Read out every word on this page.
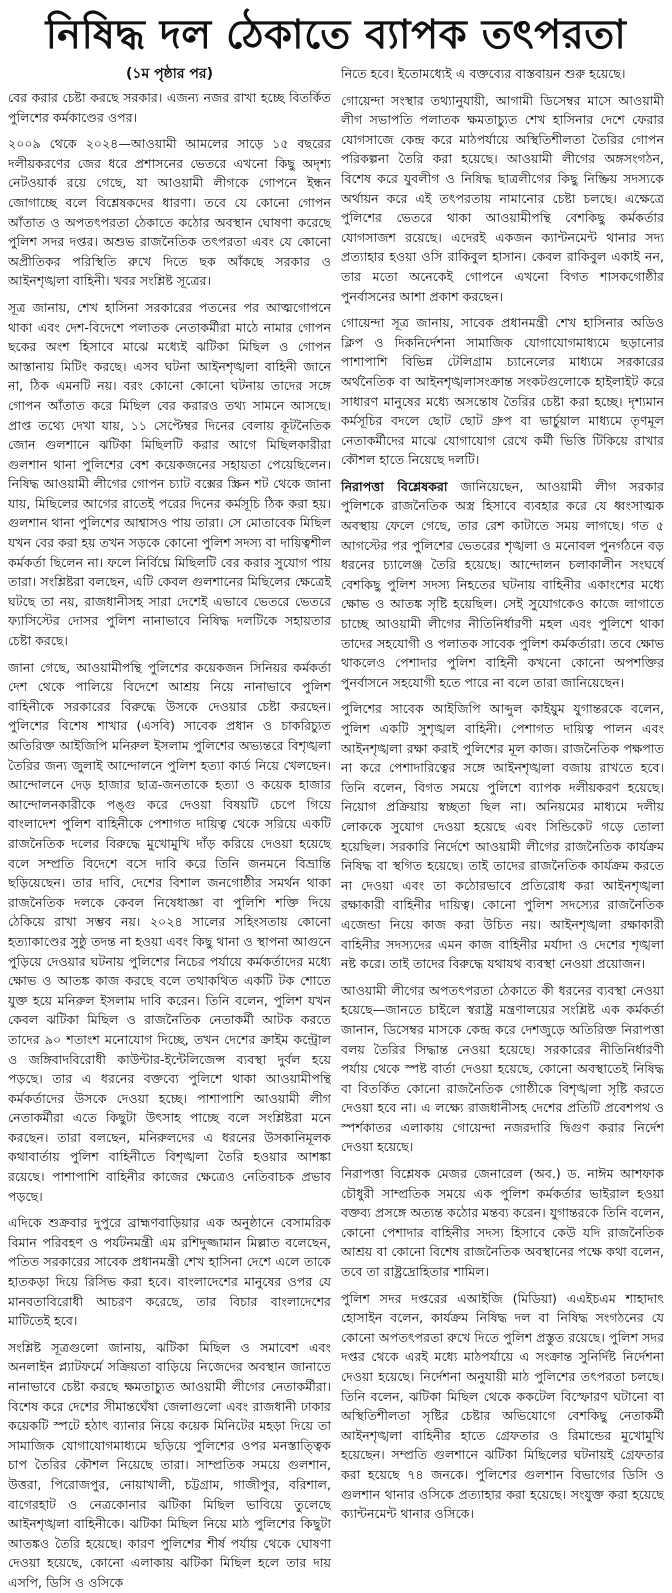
নিষিদ্ধ দল ঠেকাতে ব্যাপক তৎপরতা
(১ম পৃষ্ঠার পর)

বের করার চেষ্টা করছে সরকার। এজন্য নজর রাখা হচ্ছে বিতর্কিত পুলিশের কর্মকাণ্ডের ওপর।

২০০৯ থেকে ২০২৪—আওয়ামী আমলের সাড়ে ১৫ বছরের দলীয়করণের জের ধরে প্রশাসনের ভেতরে এখনো কিছু অদৃশ্য নেটওয়ার্ক রয়ে গেছে, যা আওয়ামী লীগকে গোপনে ইন্ধন জোগাচ্ছে বলে বিশ্লেষকদের ধারণা। তবে যে কোনো গোপন আঁতাত ও অপতৎপরতা ঠেকাতে কঠোর অবস্থান ঘোষণা করেছে পুলিশ সদর দপ্তর। অশুভ রাজনৈতিক তৎপরতা এবং যে কোনো অপ্রীতিকর পরিস্থিতি রুখে দিতে ছক আঁকছে সরকার ও আইনশৃঙ্খলা বাহিনী। খবর সংশ্লিষ্ট সূত্রের।

সূত্র জানায়, শেখ হাসিনা সরকারের পতনের পর আত্মগোপনে থাকা এবং দেশ-বিদেশে পলাতক নেতাকর্মীরা মাঠে নামার গোপন ছকের অংশ হিসাবে মাঝে মধ্যেই ঝটিকা মিছিল ও গোপন আস্তানায় মিটিং করছে। এসব ঘটনা আইনশৃঙ্খলা বাহিনী জানে না, ঠিক এমনটি নয়। বরং কোনো কোনো ঘটনায় তাদের সঙ্গে গোপন আঁতাত করে মিছিল বের করারও তথ্য সামনে আসছে। প্রাপ্ত তথ্যে দেখা যায়, ১১ সেপ্টেম্বর দিনের বেলায় কূটনৈতিক জোন গুলশানে ঝটিকা মিছিলটি করার আগে মিছিলকারীরা গুলশান থানা পুলিশের বেশ কয়েকজনের সহায়তা পেয়েছিলেন। নিষিদ্ধ আওয়ামী লীগের গোপন চ্যাট বক্সের স্ক্রিন শট থেকে জানা যায়, মিছিলের আগের রাতেই পরের দিনের কর্মসূচি ঠিক করা হয়। গুলশান থানা পুলিশের আশ্বাসও পায় তারা। সে মোতাবেক মিছিল যখন বের করা হয় তখন সড়কে কোনো পুলিশ সদস্য বা দায়িত্বশীল কর্মকর্তা ছিলেন না। ফলে নির্বিঘ্নে মিছিলটি বের করার সুযোগ পায় তারা। সংশ্লিষ্টরা বলছেন, এটি কেবল গুলশানের মিছিলের ক্ষেত্রেই ঘটছে তা নয়, রাজধানীসহ সারা দেশেই এভাবে ভেতরে ভেতরে ফ্যাসিস্টের দোসর পুলিশ নানাভাবে নিষিদ্ধ দলটিকে সহায়তার চেষ্টা করছে।

জানা গেছে, আওয়ামীপন্থি পুলিশের কয়েকজন সিনিয়র কর্মকর্তা দেশ থেকে পালিয়ে বিদেশে আশ্রয় নিয়ে নানাভাবে পুলিশ বাহিনীকে সরকারের বিরুদ্ধে উসকে দেওয়ার চেষ্টা করছেন। পুলিশের বিশেষ শাখার (এসবি) সাবেক প্রধান ও চাকরিচ্যুত অতিরিক্ত আইজিপি মনিরুল ইসলাম পুলিশের অভ্যন্তরে বিশৃঙ্খলা তৈরির জন্য জুলাই আন্দোলনে পুলিশ হত্যা কার্ড নিয়ে খেলছেন। আন্দোলনে দেড় হাজার ছাত্র-জনতাকে হত্যা ও কয়েক হাজার আন্দোলনকারীকে পঙ্গু করে দেওয়া বিষয়টি চেপে গিয়ে বাংলাদেশ পুলিশ বাহিনীকে পেশাগত দায়িত্ব থেকে সরিয়ে একটি রাজনৈতিক দলের বিরুদ্ধে মুখোমুখি দাঁড় করিয়ে দেওয়া হয়েছে বলে সম্প্রতি বিদেশে বসে দাবি করে তিনি জনমনে বিভ্রান্তি ছড়িয়েছেন। তার দাবি, দেশের বিশাল জনগোষ্ঠীর সমর্থন থাকা রাজনৈতিক দলকে কেবল নিষেধাজ্ঞা বা পুলিশি শক্তি দিয়ে ঠেকিয়ে রাখা সম্ভব নয়। ২০২৪ সালের সহিংসতায় কোনো হত্যাকাণ্ডের সুষ্ঠু তদন্ত না হওয়া এবং কিছু থানা ও স্থাপনা আগুনে পুড়িয়ে দেওয়ার ঘটনায় পুলিশের নিচের পর্যায়ে কর্মকর্তাদের মধ্যে ক্ষোভ ও আতঙ্ক কাজ করছে বলে তথাকথিত একটি টক শোতে যুক্ত হয়ে মনিরুল ইসলাম দাবি করেন। তিনি বলেন, পুলিশ যখন কেবল ঝটিকা মিছিল ও রাজনৈতিক নেতাকর্মী আটক করতে তাদের ৯০ শতাংশ মনোযোগ দিচ্ছে, তখন দেশের ক্রাইম কন্ট্রোল ও জঙ্গিবাদবিরোধী কাউন্টার-ইন্টেলিজেন্স ব্যবস্থা দুর্বল হয়ে পড়ছে। তার এ ধরনের বক্তব্যে পুলিশে থাকা আওয়ামীপন্থি কর্মকর্তাদের উসকে দেওয়া হচ্ছে। পাশাপাশি আওয়ামী লীগ নেতাকর্মীরা এতে কিছুটা উৎসাহ পাচ্ছে বলে সংশ্লিষ্টরা মনে করছেন। তারা বলছেন, মনিরুলদের এ ধরনের উসকানিমূলক কথাবার্তায় পুলিশ বাহিনীতে বিশৃঙ্খলা তৈরি হওয়ার আশঙ্কা রয়েছে। পাশাপাশি বাহিনীর কাজের ক্ষেত্রেও নেতিবাচক প্রভাব পড়ছে।

এদিকে শুক্রবার দুপুরে ব্রাহ্মণবাড়িয়ার এক অনুষ্ঠানে বেসামরিক বিমান পরিবহণ ও পর্যটনমন্ত্রী এম রশিদুজ্জামান মিল্লাত বলেছেন, পতিত সরকারের সাবেক প্রধানমন্ত্রী শেখ হাসিনা দেশে এলে তাকে হাতকড়া দিয়ে রিসিভ করা হবে। বাংলাদেশের মানুষের ওপর যে মানবতাবিরোধী আচরণ করেছে, তার বিচার বাংলাদেশের মাটিতেই হবে।

সংশ্লিষ্ট সূত্রগুলো জানায়, ঝটিকা মিছিল ও সমাবেশ এবং অনলাইন প্ল্যাটফর্মে সক্রিয়তা বাড়িয়ে নিজেদের অবস্থান জানাতে নানাভাবে চেষ্টা করছে ক্ষমতাচ্যুত আওয়ামী লীগের নেতাকর্মীরা। বিশেষ করে দেশের সীমান্তঘেঁষা জেলাগুলো এবং রাজধানী ঢাকার কয়েকটি স্পটে হঠাৎ ব্যানার নিয়ে কয়েক মিনিটের মহড়া দিয়ে তা সামাজিক যোগাযোগমাধ্যমে ছড়িয়ে পুলিশের ওপর মনস্তাত্ত্বিক চাপ তৈরির কৌশল নিয়েছে তারা। সাম্প্রতিক সময়ে গুলশান, উত্তরা, পিরোজপুর, নোয়াখালী, চট্টগ্রাম, গাজীপুর, বরিশাল, বাগেরহাট ও নেত্রকোনার ঝটিকা মিছিল ভাবিয়ে তুলেছে আইনশৃঙ্খলা বাহিনীকে। ঝটিকা মিছিল নিয়ে মাঠ পুলিশের কিছুটা আতঙ্কও তৈরি হয়েছে। কারণ পুলিশের শীর্ষ পর্যায় থেকে ঘোষণা দেওয়া হয়েছে, কোনো এলাকায় ঝটিকা মিছিল হলে তার দায় এসপি, ডিসি ও ওসিকে

নিতে হবে। ইতোমধ্যেই এ বক্তব্যের বাস্তবায়ন শুরু হয়েছে।

গোয়েন্দা সংস্থার তথ্যানুযায়ী, আগামী ডিসেম্বর মাসে আওয়ামী লীগ সভাপতি পলাতক ক্ষমতাচ্যুত শেখ হাসিনার দেশে ফেরার যোগসাজে কেন্দ্র করে মাঠপর্যায়ে অস্থিতিশীলতা তৈরির গোপন পরিকল্পনা তৈরি করা হয়েছে। আওয়ামী লীগের অঙ্গসংগঠন, বিশেষ করে যুবলীগ ও নিষিদ্ধ ছাত্রলীগের কিছু নিষ্ক্রিয় সদস্যকে অর্থায়ন করে এই তৎপরতায় নামানোর চেষ্টা চলছে। এক্ষেত্রে পুলিশের ভেতরে থাকা আওয়ামীপন্থি বেশকিছু কর্মকর্তার যোগসাজশ রয়েছে। এদেরই একজন ক্যান্টনমেন্ট থানার সদ্য প্রত্যাহার হওয়া ওসি রাকিবুল হাসান। কেবল রাকিবুল একাই নন, তার মতো অনেকেই গোপনে এখনো বিগত শাসকগোষ্ঠীর পুনর্বাসনের আশা প্রকাশ করছেন।

গোয়েন্দা সূত্র জানায়, সাবেক প্রধানমন্ত্রী শেখ হাসিনার অডিও ক্লিপ ও দিকনির্দেশনা সামাজিক যোগাযোগমাধ্যমে ছড়ানোর পাশাপাশি বিভিন্ন টেলিগ্রাম চ্যানেলের মাধ্যমে সরকারের অর্থনৈতিক বা আইনশৃঙ্খলাসংক্রান্ত সংকটগুলোকে হাইলাইট করে সাধারণ মানুষের মধ্যে অসন্তোষ তৈরির চেষ্টা করা হচ্ছে। দৃশ্যমান কর্মসূচির বদলে ছোট ছোট গ্রুপ বা ভার্চুয়াল মাধ্যমে তৃণমূল নেতাকর্মীদের মাঝে যোগাযোগ রেখে কর্মী ভিত্তি টিকিয়ে রাখার কৌশল হাতে নিয়েছে দলটি।

নিরাপত্তা বিশ্লেষকরা জানিয়েছেন, আওয়ামী লীগ সরকার পুলিশকে রাজনৈতিক অস্ত্র হিসাবে ব্যবহার করে যে ধ্বংসাত্মক অবস্থায় ফেলে গেছে, তার রেশ কাটাতে সময় লাগছে। গত ৫ আগস্টের পর পুলিশের ভেতরের শৃঙ্খলা ও মনোবল পুনর্গঠনে বড় ধরনের চ্যালেঞ্জ তৈরি হয়েছে। আন্দোলন চলাকালীন সংঘর্ষে বেশকিছু পুলিশ সদস্য নিহতের ঘটনায় বাহিনীর একাংশের মধ্যে ক্ষোভ ও আতঙ্ক সৃষ্টি হয়েছিল। সেই সুযোগকেও কাজে লাগাতে চাচ্ছে আওয়ামী লীগের নীতিনির্ধারণী মহল এবং পুলিশে থাকা তাদের সহযোগী ও পলাতক সাবেক পুলিশ কর্মকর্তারা। তবে ক্ষোভ থাকলেও পেশাদার পুলিশ বাহিনী কখনো কোনো অপশক্তির পুনর্বাসনে সহযোগী হতে পারে না বলে তারা জানিয়েছেন।

পুলিশের সাবেক আইজিপি আব্দুল কাইয়ুম যুগান্তরকে বলেন, পুলিশ একটি সুশৃঙ্খল বাহিনী। পেশাগত দায়িত্ব পালন এবং আইনশৃঙ্খলা রক্ষা করাই পুলিশের মূল কাজ। রাজনৈতিক পক্ষপাত না করে পেশাদারিত্বের সঙ্গে আইনশৃঙ্খলা বজায় রাখতে হবে। তিনি বলেন, বিগত সময়ে পুলিশে ব্যাপক দলীয়করণ হয়েছে। নিয়োগ প্রক্রিয়ায় স্বচ্ছতা ছিল না। অনিয়মের মাধ্যমে দলীয় লোককে সুযোগ দেওয়া হয়েছে এবং সিন্ডিকেট গড়ে তোলা হয়েছিল। সরকারি নির্দেশে আওয়ামী লীগের রাজনৈতিক কার্যক্রম নিষিদ্ধ বা স্থগিত হয়েছে। তাই তাদের রাজনৈতিক কার্যক্রম করতে না দেওয়া এবং তা কঠোরভাবে প্রতিরোধ করা আইনশৃঙ্খলা রক্ষাকারী বাহিনীর দায়িত্ব। কোনো পুলিশ সদস্যের রাজনৈতিক এজেন্ডা নিয়ে কাজ করা উচিত নয়। আইনশৃঙ্খলা রক্ষাকারী বাহিনীর সদস্যদের এমন কাজ বাহিনীর মর্যাদা ও দেশের শৃঙ্খলা নষ্ট করে। তাই তাদের বিরুদ্ধে যথাযথ ব্যবস্থা নেওয়া প্রয়োজন।

আওয়ামী লীগের অপতৎপরতা ঠেকাতে কী ধরনের ব্যবস্থা নেওয়া হয়েছে—জানতে চাইলে স্বরাষ্ট্র মন্ত্রণালয়ের সংশ্লিষ্ট এক কর্মকর্তা জানান, ডিসেম্বর মাসকে কেন্দ্র করে দেশজুড়ে অতিরিক্ত নিরাপত্তা বলয় তৈরির সিদ্ধান্ত নেওয়া হয়েছে। সরকারের নীতিনির্ধারণী পর্যায় থেকে স্পষ্ট বার্তা দেওয়া হয়েছে, কোনো অবস্থাতেই নিষিদ্ধ বা বিতর্কিত কোনো রাজনৈতিক গোষ্ঠীকে বিশৃঙ্খলা সৃষ্টি করতে দেওয়া হবে না। এ লক্ষ্যে রাজধানীসহ দেশের প্রতিটি প্রবেশপথ ও স্পর্শকাতর এলাকায় গোয়েন্দা নজরদারি দ্বিগুণ করার নির্দেশ দেওয়া হয়েছে।

নিরাপত্তা বিশ্লেষক মেজর জেনারেল (অব.) ড. নাঈম আশফাক চৌধুরী সাম্প্রতিক সময়ে এক পুলিশ কর্মকর্তার ভাইরাল হওয়া বক্তব্য প্রসঙ্গে অত্যন্ত কঠোর মন্তব্য করেন। যুগান্তরকে তিনি বলেন, কোনো পেশাদার বাহিনীর সদস্য হিসাবে কেউ যদি রাজনৈতিক আশ্রয় বা কোনো বিশেষ রাজনৈতিক অবস্থানের পক্ষে কথা বলেন, তবে তা রাষ্ট্রদ্রোহিতার শামিল।

পুলিশ সদর দপ্তরের এআইজি (মিডিয়া) এএইচএম শাহাদাৎ হোসাইন বলেন, কার্যক্রম নিষিদ্ধ দল বা নিষিদ্ধ সংগঠনের যে কোনো অপতৎপরতা রুখে দিতে পুলিশ প্রস্তুত রয়েছে। পুলিশ সদর দপ্তর থেকে এরই মধ্যে মাঠপর্যায়ে এ সংক্রান্ত সুনির্দিষ্ট নির্দেশনা দেওয়া হয়েছে। নির্দেশনা অনুযায়ী মাঠ পুলিশের তৎপরতা চলছে। তিনি বলেন, ঝটিকা মিছিল থেকে ককটেল বিস্ফোরণ ঘটানো বা অস্থিতিশীলতা সৃষ্টির চেষ্টার অভিযোগে বেশকিছু নেতাকর্মী আইনশৃঙ্খলা বাহিনীর হাতে গ্রেফতার ও রিমান্ডের মুখোমুখি হয়েছেন। সম্প্রতি গুলশানে ঝটিকা মিছিলের ঘটনায়ই গ্রেফতার করা হয়েছে ৭৪ জনকে। পুলিশের গুলশান বিভাগের ডিসি ও গুলশান থানার ওসিকে প্রত্যাহার করা হয়েছে। সংযুক্ত করা হয়েছে ক্যান্টনমেন্ট থানার ওসিকে।
